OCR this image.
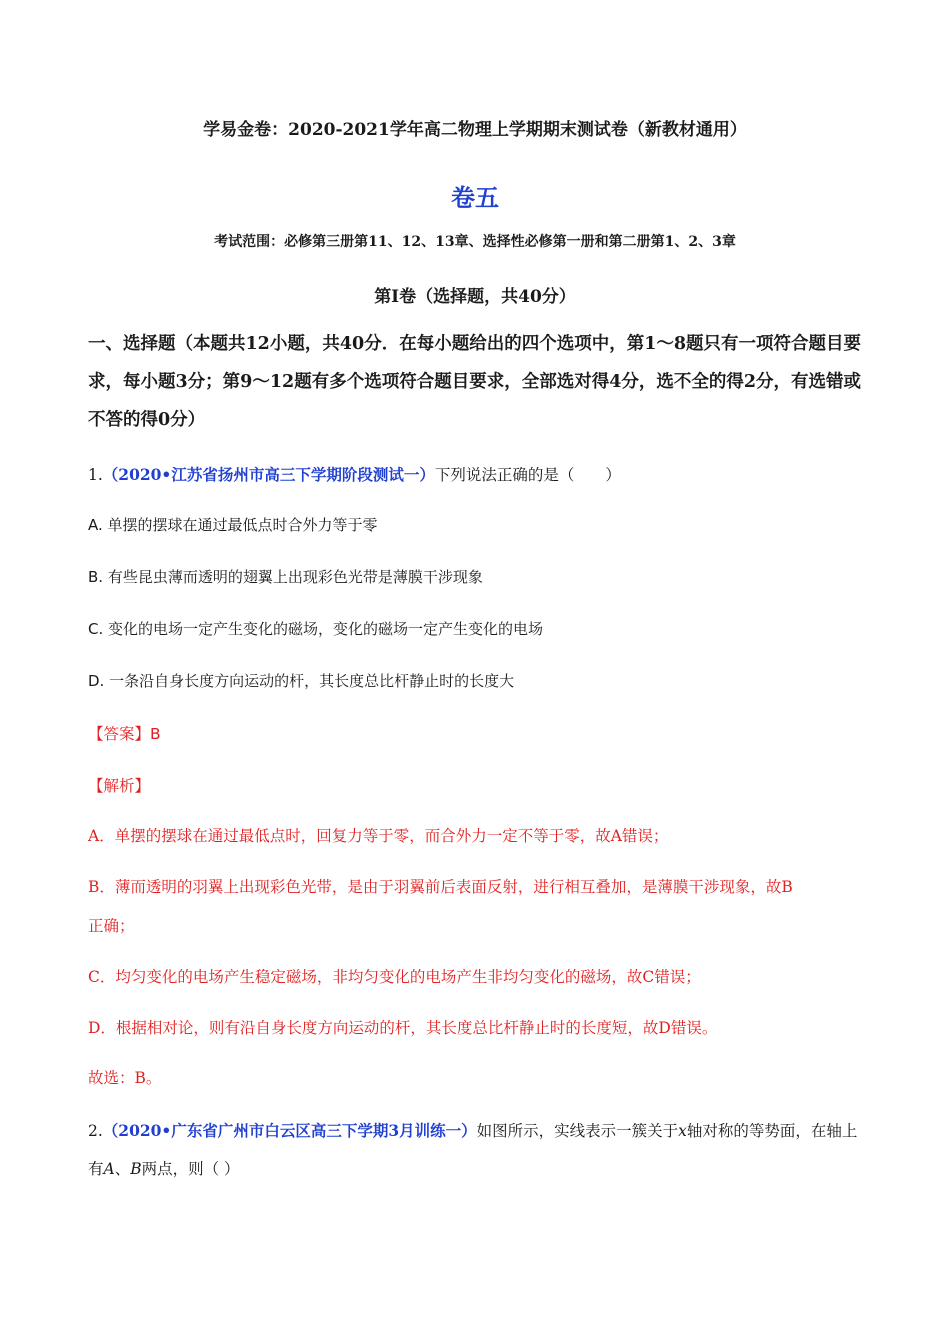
学易金卷：2020-2021学年高二物理上学期期末测试卷（新教材通用）
卷五
考试范围：必修第三册第11、12、13章、选择性必修第一册和第二册第1、2、3章
第Ⅰ卷（选择题，共40分）
一、选择题（本题共12小题，共40分．在每小题给出的四个选项中，第1～8题只有一项符合题目要求，每小题3分；第9～12题有多个选项符合题目要求，全部选对得4分，选不全的得2分，有选错或不答的得0分）
1.（2020•江苏省扬州市高三下学期阶段测试一）下列说法正确的是（　　）
A. 单摆的摆球在通过最低点时合外力等于零
B. 有些昆虫薄而透明的翅翼上出现彩色光带是薄膜干涉现象
C. 变化的电场一定产生变化的磁场，变化的磁场一定产生变化的电场
D. 一条沿自身长度方向运动的杆，其长度总比杆静止时的长度大
【答案】B
【解析】
A．单摆的摆球在通过最低点时，回复力等于零，而合外力一定不等于零，故A错误；
B．薄而透明的羽翼上出现彩色光带，是由于羽翼前后表面反射，进行相互叠加，是薄膜干涉现象，故B
正确；
C．均匀变化的电场产生稳定磁场，非均匀变化的电场产生非均匀变化的磁场，故C错误；
D．根据相对论，则有沿自身长度方向运动的杆，其长度总比杆静止时的长度短，故D错误。
故选：B。
2.（2020•广东省广州市白云区高三下学期3月训练一）如图所示，实线表示一簇关于x轴对称的等势面，在轴上有A、B两点，则（ ）
